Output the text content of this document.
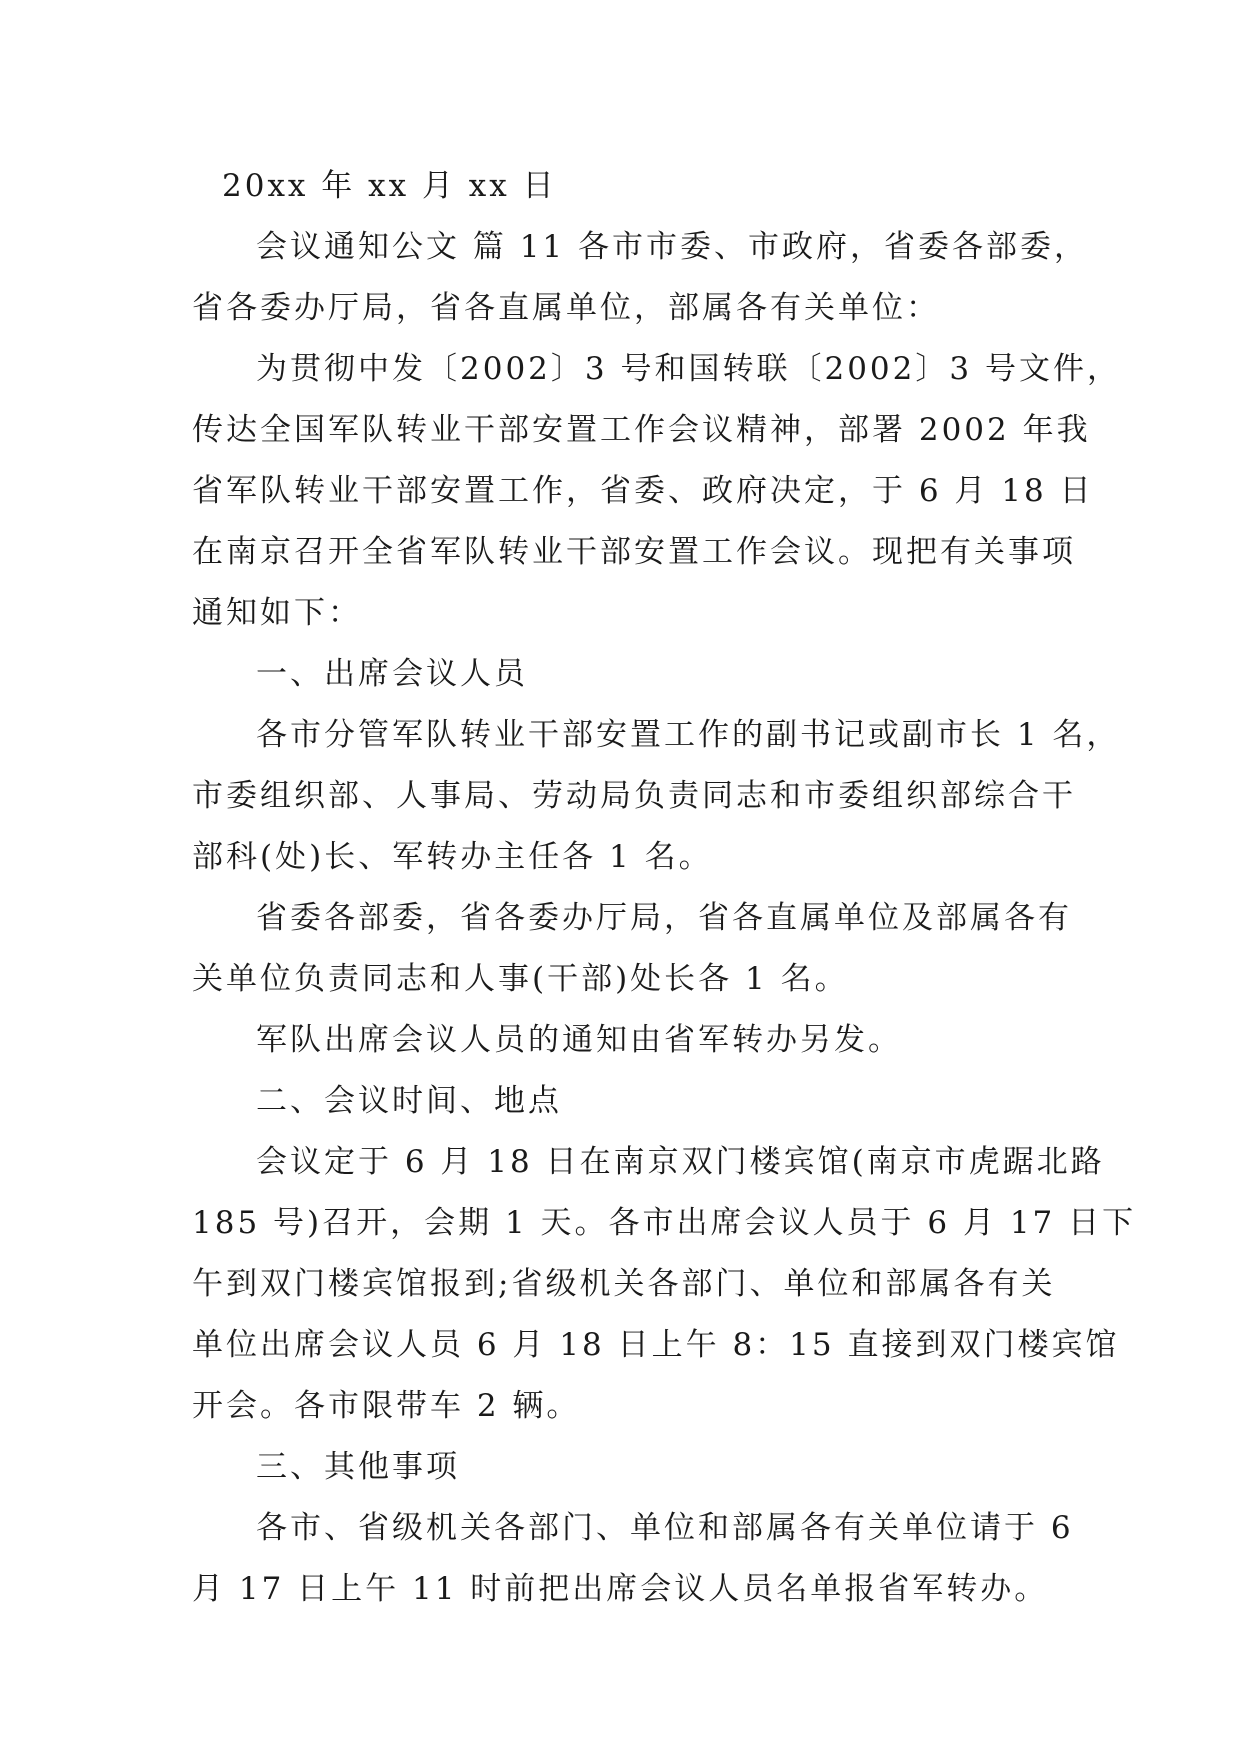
20xx 年 xx 月 xx 日
会议通知公文 篇 11 各市市委、市政府，省委各部委，
省各委办厅局，省各直属单位，部属各有关单位：
为贯彻中发〔2002〕3 号和国转联〔2002〕3 号文件，
传达全国军队转业干部安置工作会议精神，部署 2002 年我
省军队转业干部安置工作，省委、政府决定，于 6 月 18 日
在南京召开全省军队转业干部安置工作会议。现把有关事项
通知如下：
一、出席会议人员
各市分管军队转业干部安置工作的副书记或副市长 1 名，
市委组织部、人事局、劳动局负责同志和市委组织部综合干
部科(处)长、军转办主任各 1 名。
省委各部委，省各委办厅局，省各直属单位及部属各有
关单位负责同志和人事(干部)处长各 1 名。
军队出席会议人员的通知由省军转办另发。
二、会议时间、地点
会议定于 6 月 18 日在南京双门楼宾馆(南京市虎踞北路
185 号)召开，会期 1 天。各市出席会议人员于 6 月 17 日下
午到双门楼宾馆报到;省级机关各部门、单位和部属各有关
单位出席会议人员 6 月 18 日上午 8：15 直接到双门楼宾馆
开会。各市限带车 2 辆。
三、其他事项
各市、省级机关各部门、单位和部属各有关单位请于 6
月 17 日上午 11 时前把出席会议人员名单报省军转办。
